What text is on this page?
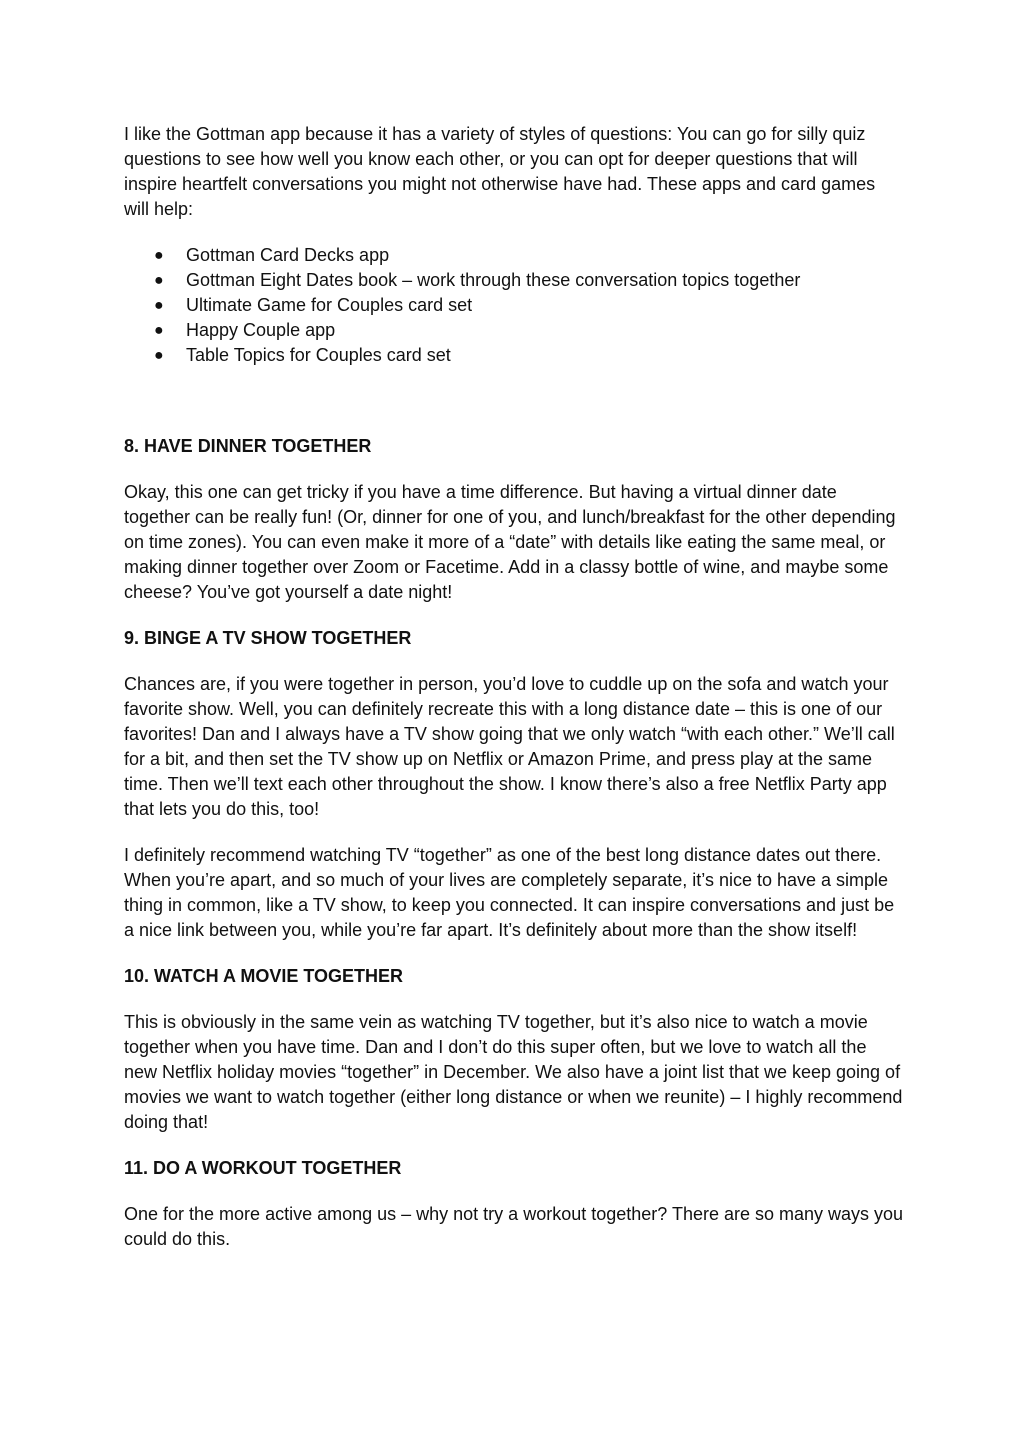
I like the Gottman app because it has a variety of styles of questions: You can go for silly quiz questions to see how well you know each other, or you can opt for deeper questions that will inspire heartfelt conversations you might not otherwise have had. These apps and card games will help:

● Gottman Card Decks app
● Gottman Eight Dates book – work through these conversation topics together
● Ultimate Game for Couples card set
● Happy Couple app
● Table Topics for Couples card set
8. HAVE DINNER TOGETHER

Okay, this one can get tricky if you have a time difference. But having a virtual dinner date together can be really fun! (Or, dinner for one of you, and lunch/breakfast for the other depending on time zones). You can even make it more of a “date” with details like eating the same meal, or making dinner together over Zoom or Facetime. Add in a classy bottle of wine, and maybe some cheese? You’ve got yourself a date night!

9. BINGE A TV SHOW TOGETHER

Chances are, if you were together in person, you’d love to cuddle up on the sofa and watch your favorite show. Well, you can definitely recreate this with a long distance date – this is one of our favorites! Dan and I always have a TV show going that we only watch “with each other.” We’ll call for a bit, and then set the TV show up on Netflix or Amazon Prime, and press play at the same time. Then we’ll text each other throughout the show. I know there’s also a free Netflix Party app that lets you do this, too!

I definitely recommend watching TV “together” as one of the best long distance dates out there. When you’re apart, and so much of your lives are completely separate, it’s nice to have a simple thing in common, like a TV show, to keep you connected. It can inspire conversations and just be a nice link between you, while you’re far apart. It’s definitely about more than the show itself!

10. WATCH A MOVIE TOGETHER

This is obviously in the same vein as watching TV together, but it’s also nice to watch a movie together when you have time. Dan and I don’t do this super often, but we love to watch all the new Netflix holiday movies “together” in December. We also have a joint list that we keep going of movies we want to watch together (either long distance or when we reunite) – I highly recommend doing that!

11. DO A WORKOUT TOGETHER

One for the more active among us – why not try a workout together? There are so many ways you could do this.
